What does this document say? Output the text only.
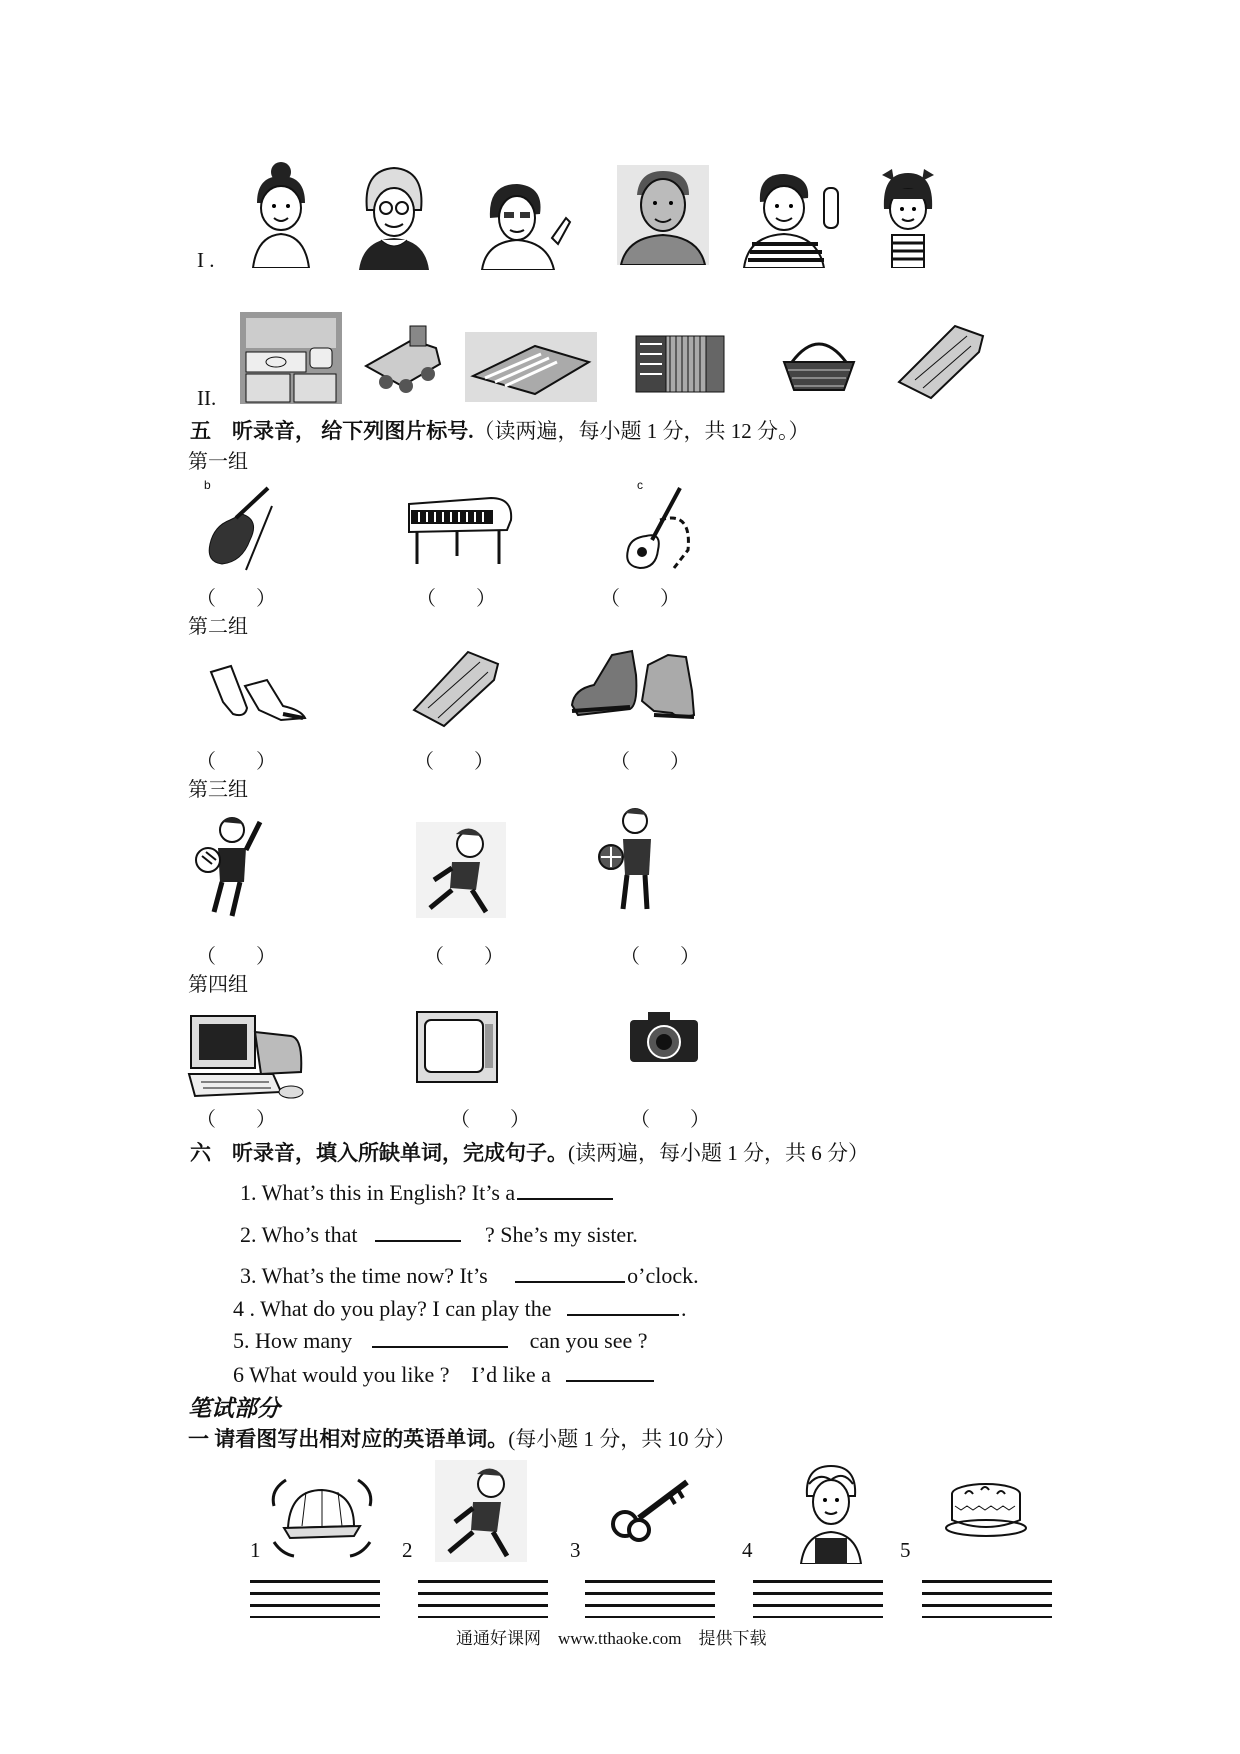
I .
II.
五　听录音， 给下列图片标号.（读两遍，每小题 1 分，共 12 分。）
第一组
b	c
（　　）	（　　）	（　　）
第二组
（　　）	（　　）	（　　）
第三组
（　　）	（　　）	（　　）
第四组
（　　）	（　　）	（　　）
六　听录音，填入所缺单词，完成句子。(读两遍，每小题 1 分，共 6 分）
1. What’s this in English? It’s a
2. Who’s that	? She’s my sister.
3. What’s the time now? It’s	o’clock.
4 . What do you play? I can play the	.
5. How many	can you see ?
6 What would you like ?　I’d like a
笔试部分
一 请看图写出相对应的英语单词。(每小题 1 分，共 10 分）
1	2	3	4	5
通通好课网　www.tthaoke.com　提供下载
